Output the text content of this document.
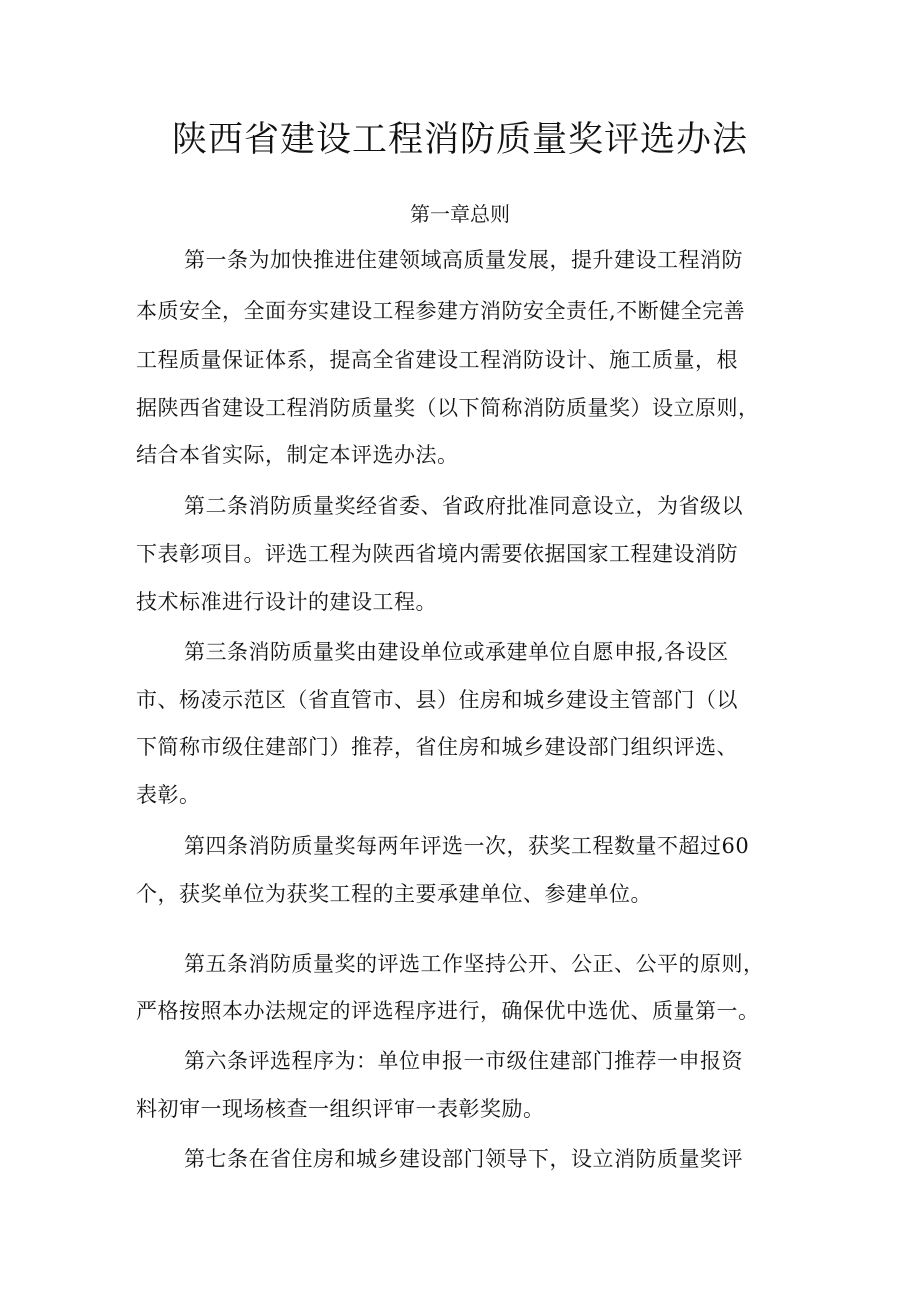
陕西省建设工程消防质量奖评选办法
第一章总则
第一条为加快推进住建领域高质量发展，提升建设工程消防
本质安全，全面夯实建设工程参建方消防安全责任,不断健全完善
工程质量保证体系，提高全省建设工程消防设计、施工质量，根
据陕西省建设工程消防质量奖（以下简称消防质量奖）设立原则，
结合本省实际，制定本评选办法。
第二条消防质量奖经省委、省政府批准同意设立，为省级以
下表彰项目。评选工程为陕西省境内需要依据国家工程建设消防
技术标准进行设计的建设工程。
第三条消防质量奖由建设单位或承建单位自愿申报,各设区
市、杨凌示范区（省直管市、县）住房和城乡建设主管部门（以
下简称市级住建部门）推荐，省住房和城乡建设部门组织评选、
表彰。
第四条消防质量奖每两年评选一次，获奖工程数量不超过60
个，获奖单位为获奖工程的主要承建单位、参建单位。
第五条消防质量奖的评选工作坚持公开、公正、公平的原则，
严格按照本办法规定的评选程序进行，确保优中选优、质量第一。
第六条评选程序为：单位申报一市级住建部门推荐一申报资
料初审一现场核查一组织评审一表彰奖励。
第七条在省住房和城乡建设部门领导下，设立消防质量奖评
